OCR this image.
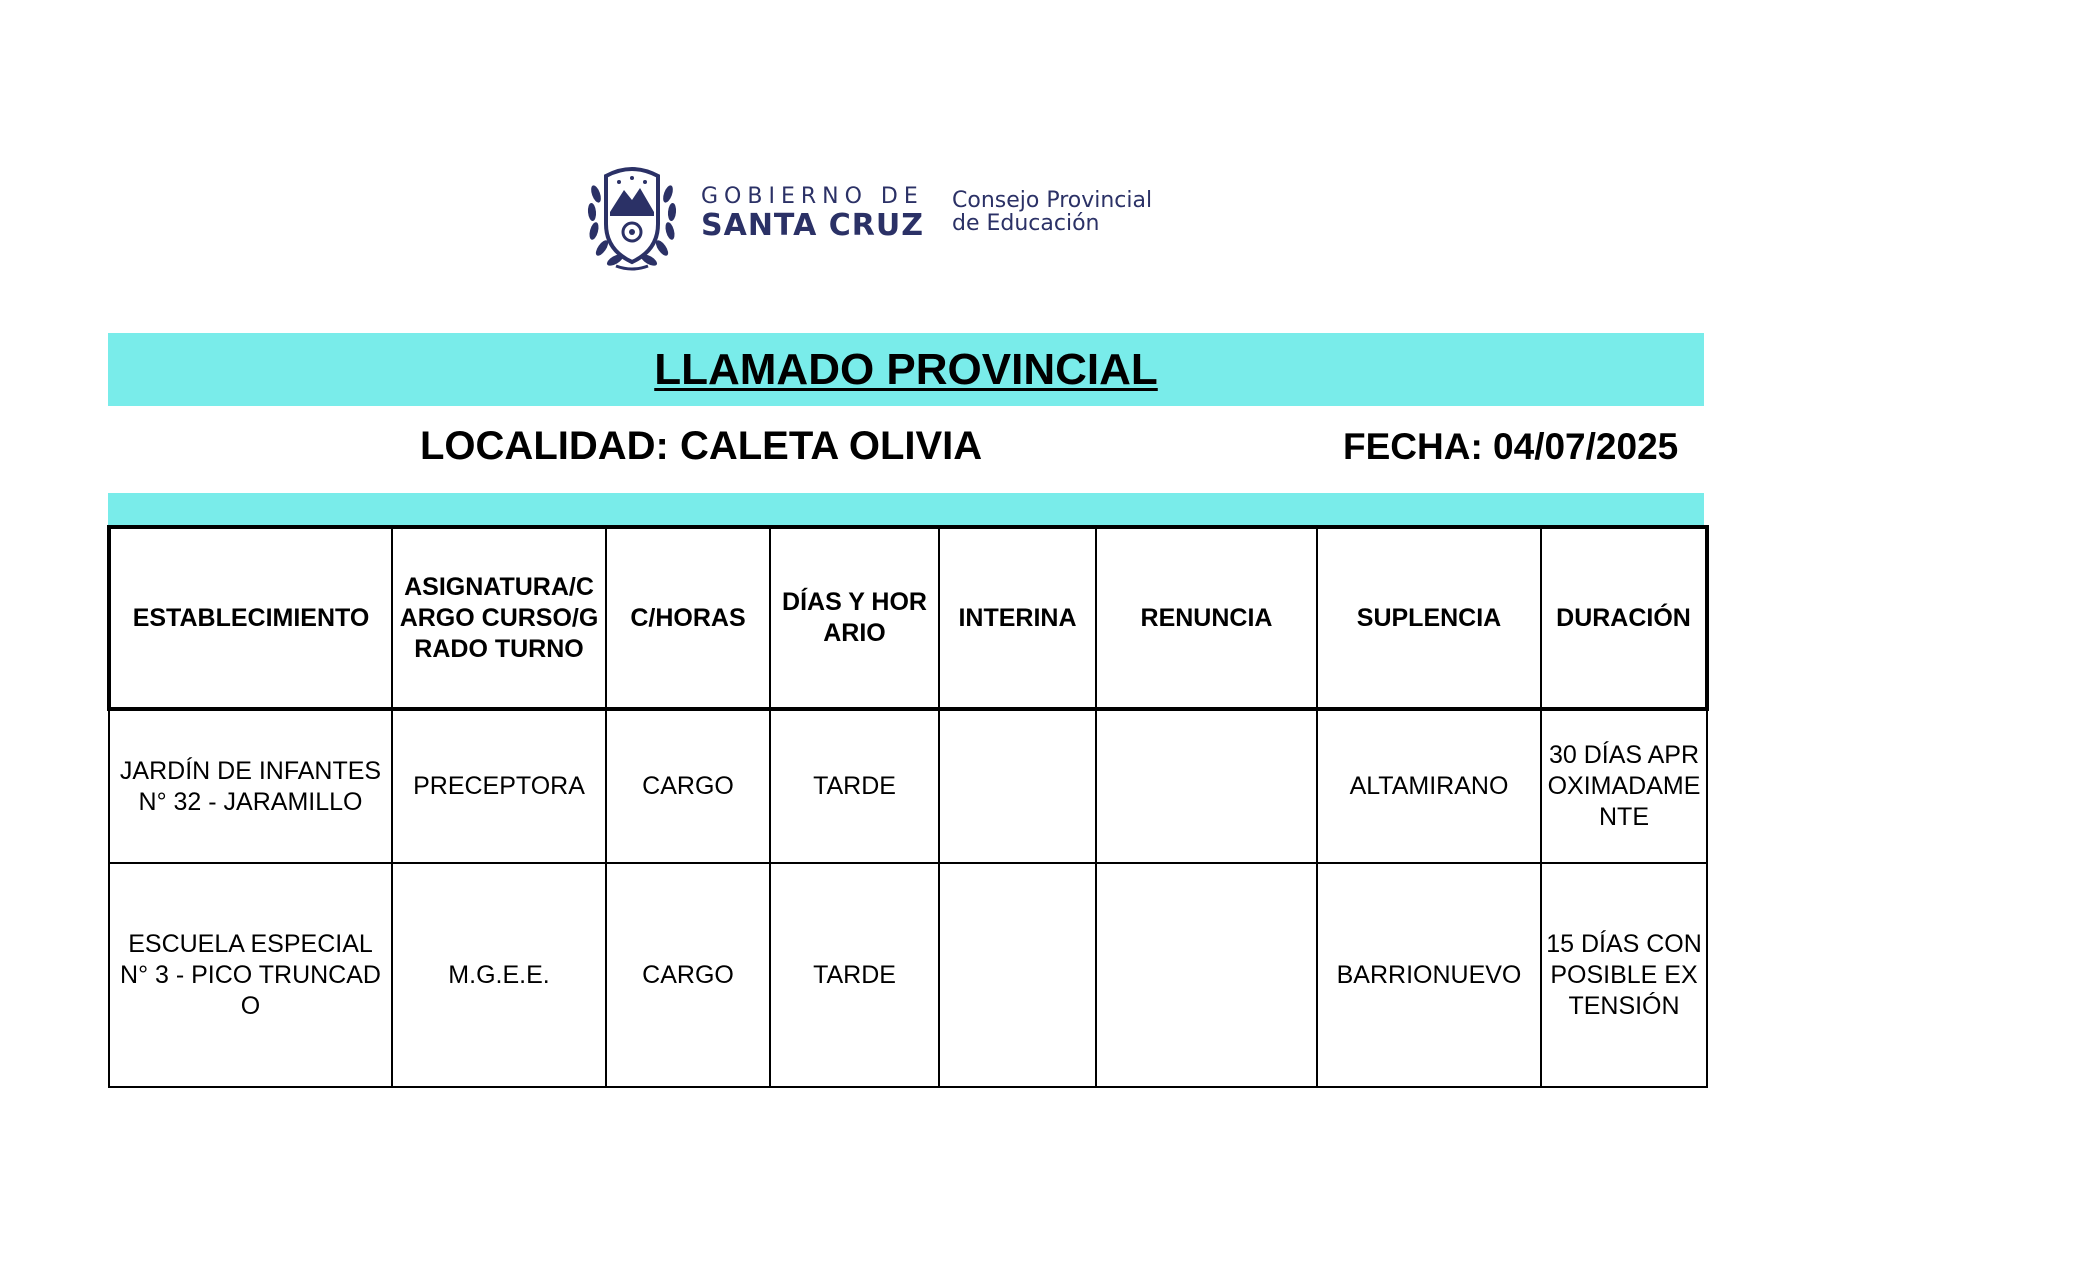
GOBIERNO DE
SANTA CRUZ
Consejo Provincial
de Educación
LLAMADO PROVINCIAL
LOCALIDAD: CALETA OLIVIA	FECHA: 04/07/2025
ESTABLECIMIENTO	ASIGNATURA/CARGO CURSO/GRADO TURNO	C/HORAS	DÍAS Y HORARIO	INTERINA	RENUNCIA	SUPLENCIA	DURACIÓN
JARDÍN DE INFANTES N° 32 - JARAMILLO	PRECEPTORA	CARGO	TARDE			ALTAMIRANO	30 DÍAS APROXIMADAMENTE
ESCUELA ESPECIAL N° 3 - PICO TRUNCADO	M.G.E.E.	CARGO	TARDE			BARRIONUEVO	15 DÍAS CON POSIBLE EXTENSIÓN
